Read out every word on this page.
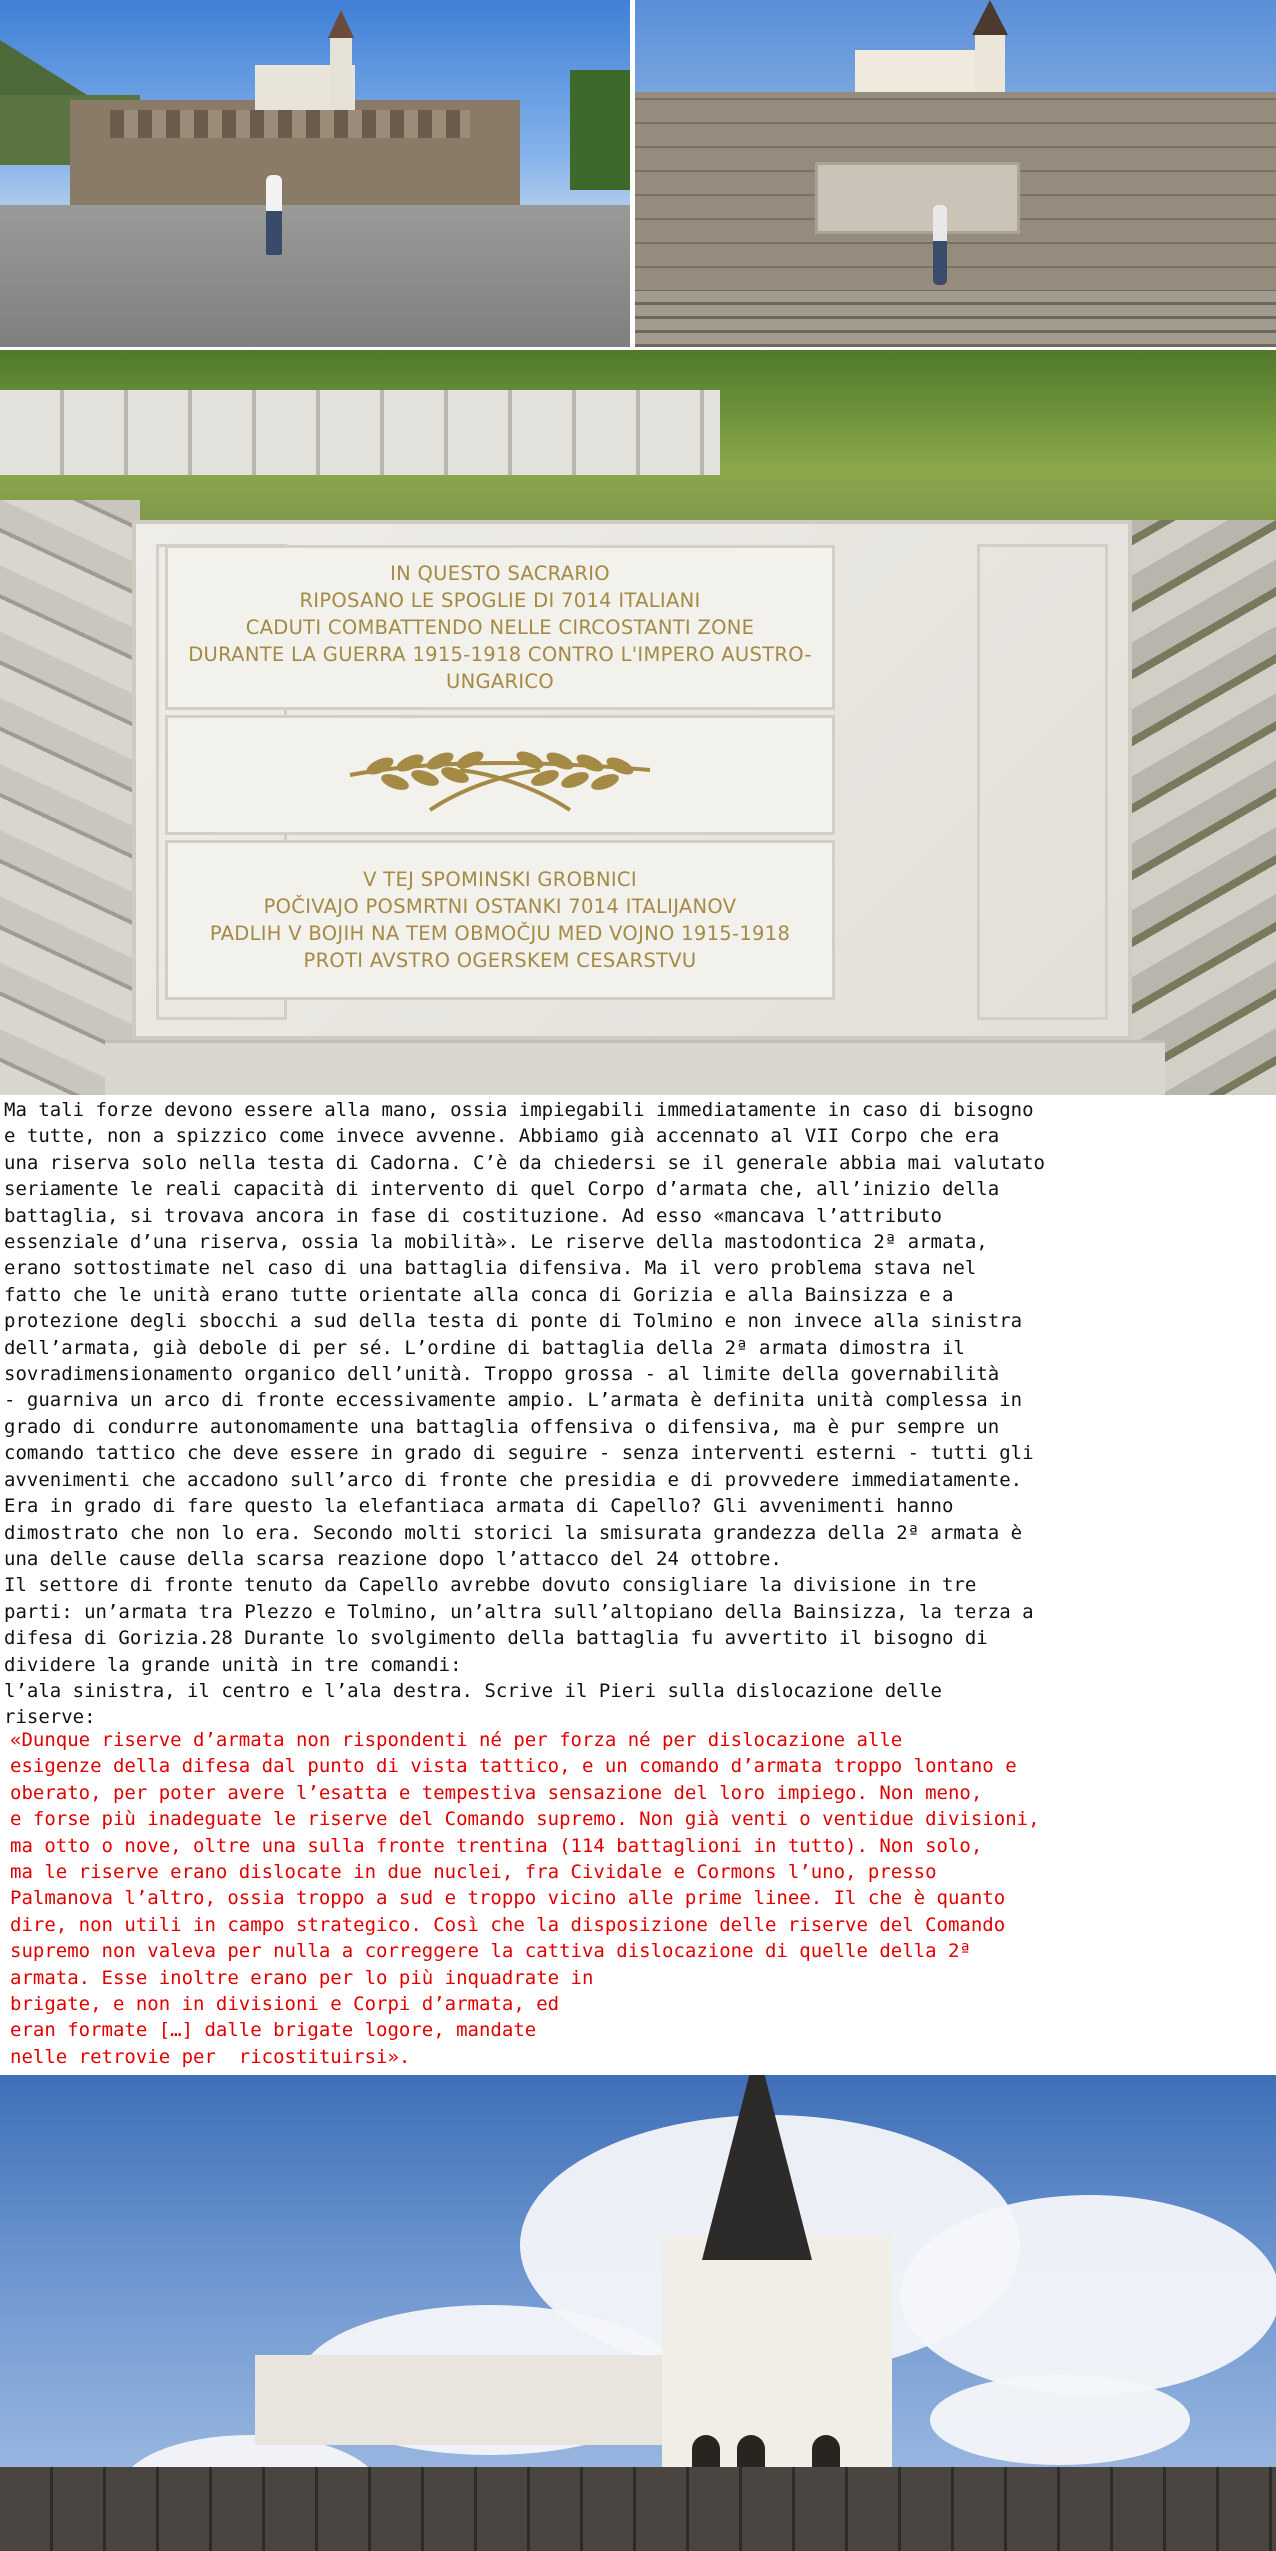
IN QUESTO SACRARIO
RIPOSANO LE SPOGLIE DI 7014 ITALIANI
CADUTI COMBATTENDO NELLE CIRCOSTANTI ZONE
DURANTE LA GUERRA 1915-1918 CONTRO L'IMPERO AUSTRO-UNGARICO
V TEJ SPOMINSKI GROBNICI
POČIVAJO POSMRTNI OSTANKI 7014 ITALIJANOV
PADLIH V BOJIH NA TEM OBMOČJU MED VOJNO 1915-1918
PROTI AVSTRO OGERSKEM CESARSTVU

Ma tali forze devono essere alla mano, ossia impiegabili immediatamente in caso di bisogno

e tutte, non a spizzico come invece avvenne. Abbiamo già accennato al VII Corpo che era

una riserva solo nella testa di Cadorna. C’è da chiedersi se il generale abbia mai valutato

seriamente le reali capacità di intervento di quel Corpo d’armata che, all’inizio della

battaglia, si trovava ancora in fase di costituzione. Ad esso «mancava l’attributo

essenziale d’una riserva, ossia la mobilità». Le riserve della mastodontica 2ª armata,

erano sottostimate nel caso di una battaglia difensiva. Ma il vero problema stava nel

fatto che le unità erano tutte orientate alla conca di Gorizia e alla Bainsizza e a

protezione degli sbocchi a sud della testa di ponte di Tolmino e non invece alla sinistra

dell’armata, già debole di per sé. L’ordine di battaglia della 2ª armata dimostra il

sovradimensionamento organico dell’unità. Troppo grossa - al limite della governabilità

- guarniva un arco di fronte eccessivamente ampio. L’armata è definita unità complessa in

grado di condurre autonomamente una battaglia offensiva o difensiva, ma è pur sempre un

comando tattico che deve essere in grado di seguire - senza interventi esterni - tutti gli

avvenimenti che accadono sull’arco di fronte che presidia e di provvedere immediatamente.

Era in grado di fare questo la elefantiaca armata di Capello? Gli avvenimenti hanno

dimostrato che non lo era. Secondo molti storici la smisurata grandezza della 2ª armata è

una delle cause della scarsa reazione dopo l’attacco del 24 ottobre.

Il settore di fronte tenuto da Capello avrebbe dovuto consigliare la divisione in tre

parti: un’armata tra Plezzo e Tolmino, un’altra sull’altopiano della Bainsizza, la terza a

difesa di Gorizia.28 Durante lo svolgimento della battaglia fu avvertito il bisogno di

dividere la grande unità in tre comandi:

l’ala sinistra, il centro e l’ala destra. Scrive il Pieri sulla dislocazione delle

riserve:

«Dunque riserve d’armata non rispondenti né per forza né per dislocazione alle

esigenze della difesa dal punto di vista tattico, e un comando d’armata troppo lontano e

oberato, per poter avere l’esatta e tempestiva sensazione del loro impiego. Non meno,

e forse più inadeguate le riserve del Comando supremo. Non già venti o ventidue divisioni,

ma otto o nove, oltre una sulla fronte trentina (114 battaglioni in tutto). Non solo,

ma le riserve erano dislocate in due nuclei, fra Cividale e Cormons l’uno, presso

Palmanova l’altro, ossia troppo a sud e troppo vicino alle prime linee. Il che è quanto

dire, non utili in campo strategico. Così che la disposizione delle riserve del Comando

supremo non valeva per nulla a correggere la cattiva dislocazione di quelle della 2ª

armata. Esse inoltre erano per lo più inquadrate in

brigate, e non in divisioni e Corpi d’armata, ed

eran formate […] dalle brigate logore, mandate

nelle retrovie per  ricostituirsi».
